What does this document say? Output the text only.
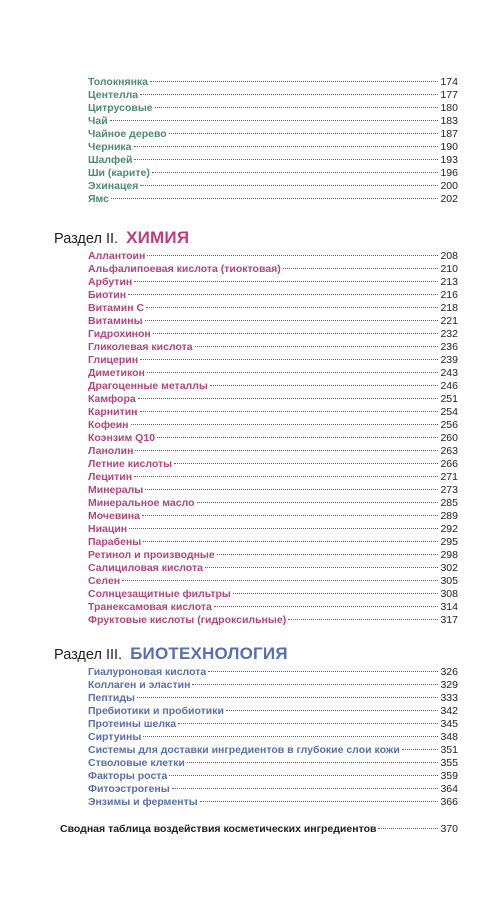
Толокнянка	174
Центелла	177
Цитрусовые	180
Чай	183
Чайное дерево	187
Черника	190
Шалфей	193
Ши (карите)	196
Эхинацея	200
Ямс	202
Раздел II. ХИМИЯ
Аллантоин	208
Альфалипоевая кислота (тиоктовая)	210
Арбутин	213
Биотин	216
Витамин С	218
Витамины	221
Гидрохинон	232
Гликолевая кислота	236
Глицерин	239
Диметикон	243
Драгоценные металлы	246
Камфора	251
Карнитин	254
Кофеин	256
Коэнзим Q10	260
Ланолин	263
Летние кислоты	266
Лецитин	271
Минералы	273
Минеральное масло	285
Мочевина	289
Ниацин	292
Парабены	295
Ретинол и производные	298
Салициловая кислота	302
Селен	305
Солнцезащитные фильтры	308
Транексамовая кислота	314
Фруктовые кислоты (гидроксильные)	317
Раздел III. БИОТЕХНОЛОГИЯ
Гиалуроновая кислота	326
Коллаген и эластин	329
Пептиды	333
Пребиотики и пробиотики	342
Протеины шелка	345
Сиртуины	348
Системы для доставки ингредиентов в глубокие слои кожи	351
Стволовые клетки	355
Факторы роста	359
Фитоэстрогены	364
Энзимы и ферменты	366
Сводная таблица воздействия косметических ингредиентов	370
